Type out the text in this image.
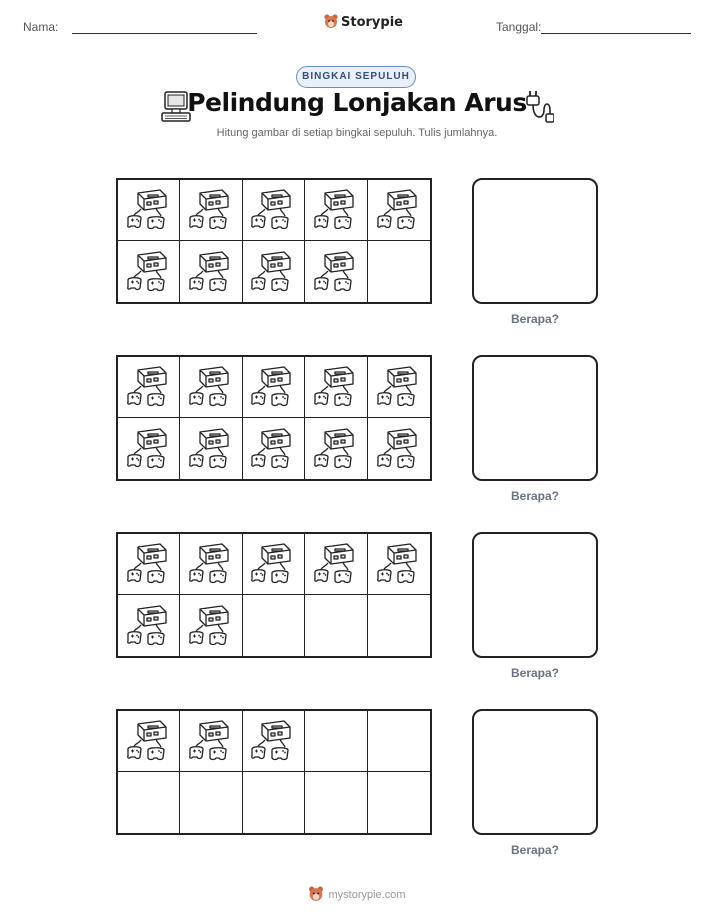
Nama:	Storypie	Tanggal:
BINGKAI SEPULUH
Pelindung Lonjakan Arus
Hitung gambar di setiap bingkai sepuluh. Tulis jumlahnya.
Berapa?
Berapa?
Berapa?
Berapa?
mystorypie.com
